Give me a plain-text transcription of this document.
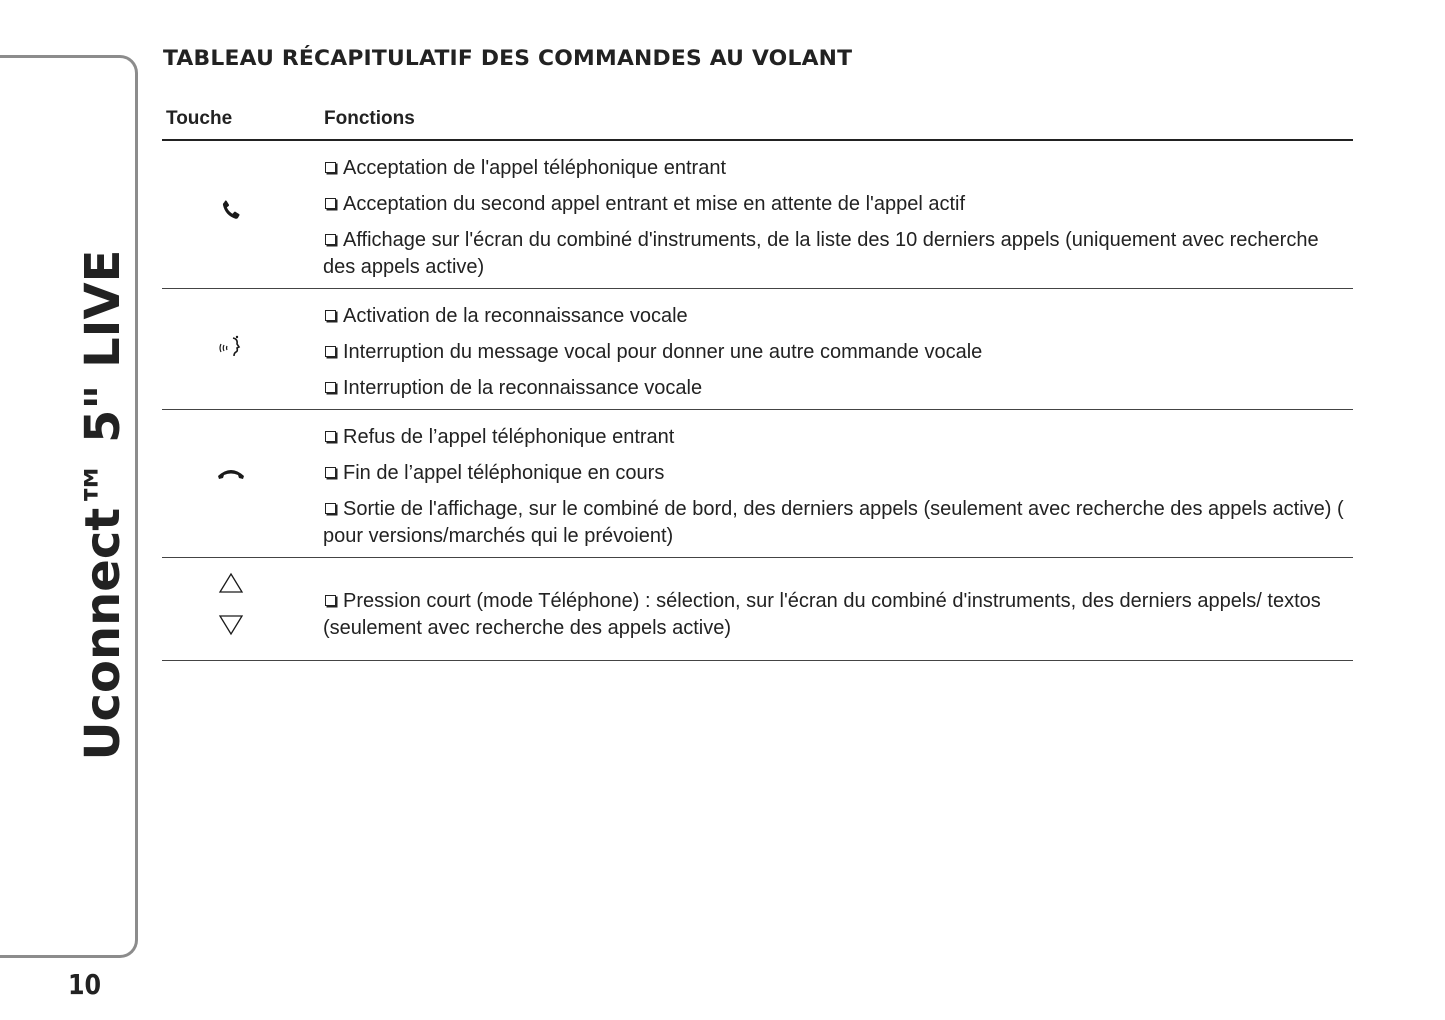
Uconnect™ 5" LIVE
10
TABLEAU RÉCAPITULATIF DES COMMANDES AU VOLANT
Touche	Fonctions
Acceptation de l'appel téléphonique entrant
Acceptation du second appel entrant et mise en attente de l'appel actif
Affichage sur l'écran du combiné d'instruments, de la liste des 10 derniers appels (uniquement avec recherche des appels active)
Activation de la reconnaissance vocale
Interruption du message vocal pour donner une autre commande vocale
Interruption de la reconnaissance vocale
Refus de l’appel téléphonique entrant
Fin de l’appel téléphonique en cours
Sortie de l'affichage, sur le combiné de bord, des derniers appels (seulement avec recherche des appels active) ( pour versions/marchés qui le prévoient)
Pression court (mode Téléphone) : sélection, sur l'écran du combiné d'instruments, des derniers appels/ textos (seulement avec recherche des appels active)
